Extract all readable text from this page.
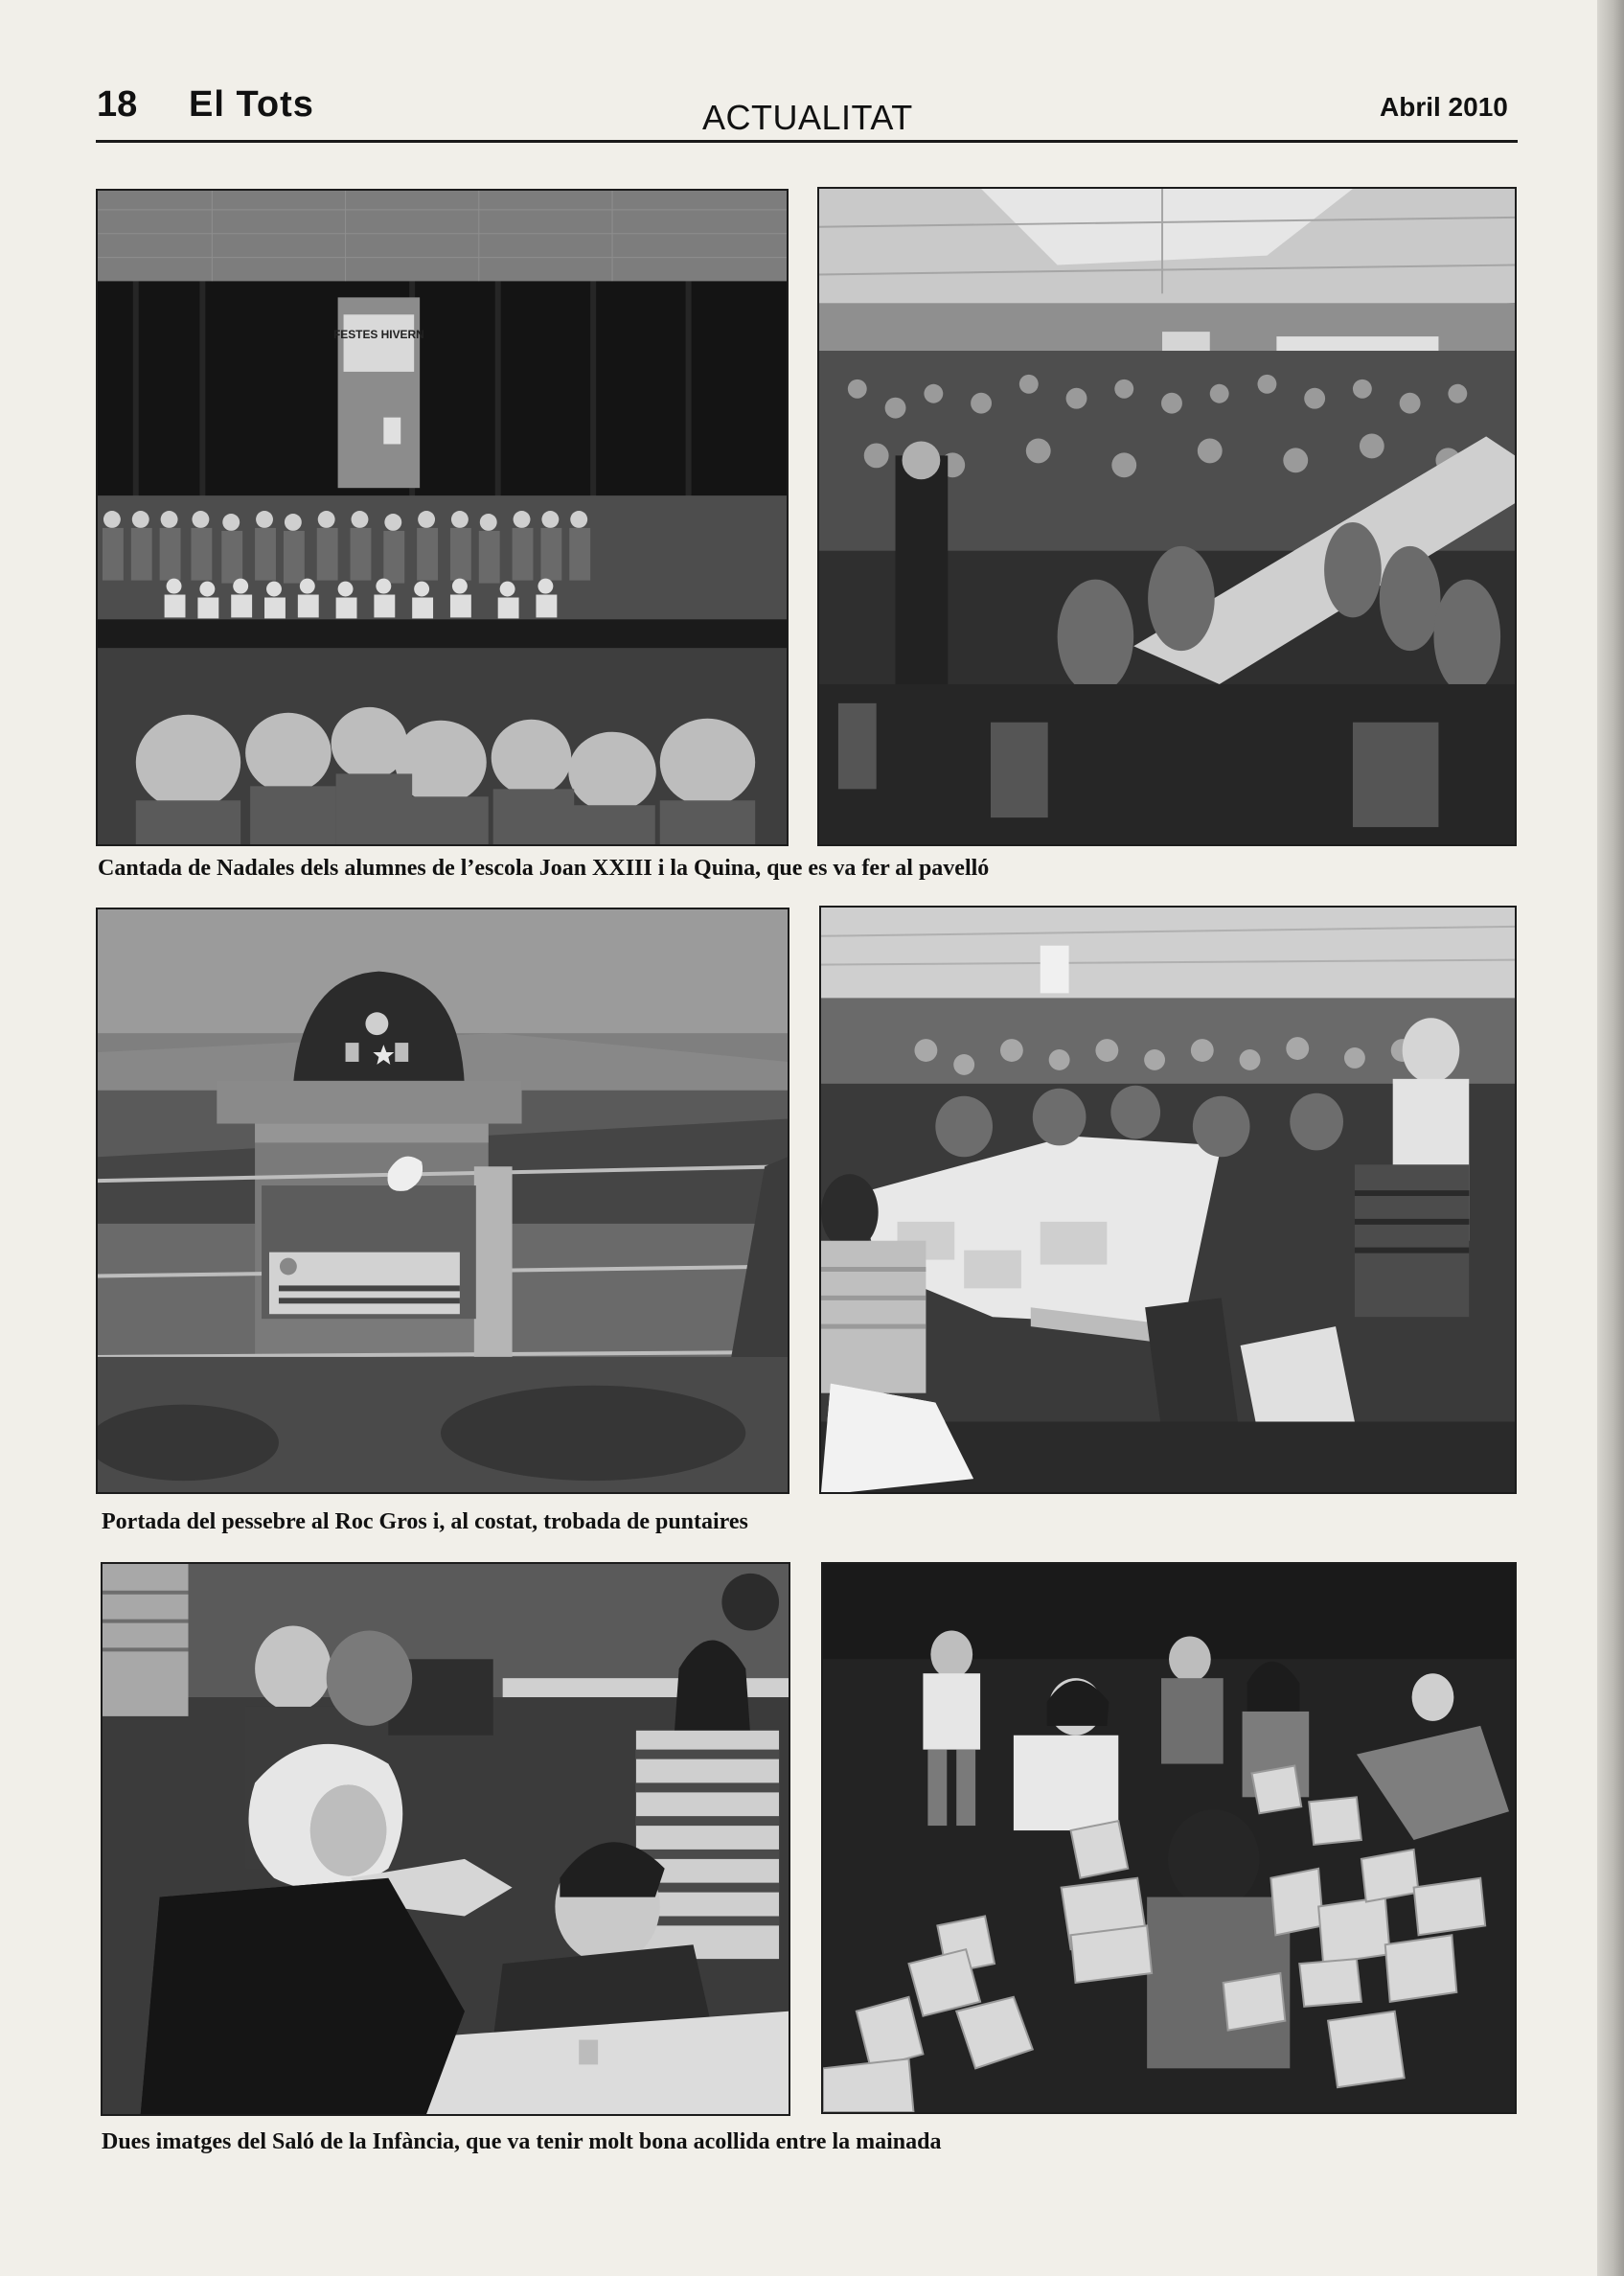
18 El Tots	ACTUALITAT	Abril 2010
FESTES HIVERN
Cantada de Nadales dels alumnes de l’escola Joan XXIII i la Quina, que es va fer al pavelló
Portada del pessebre al Roc Gros i, al costat, trobada de puntaires
Dues imatges del Saló de la Infància, que va tenir molt bona acollida entre la mainada
